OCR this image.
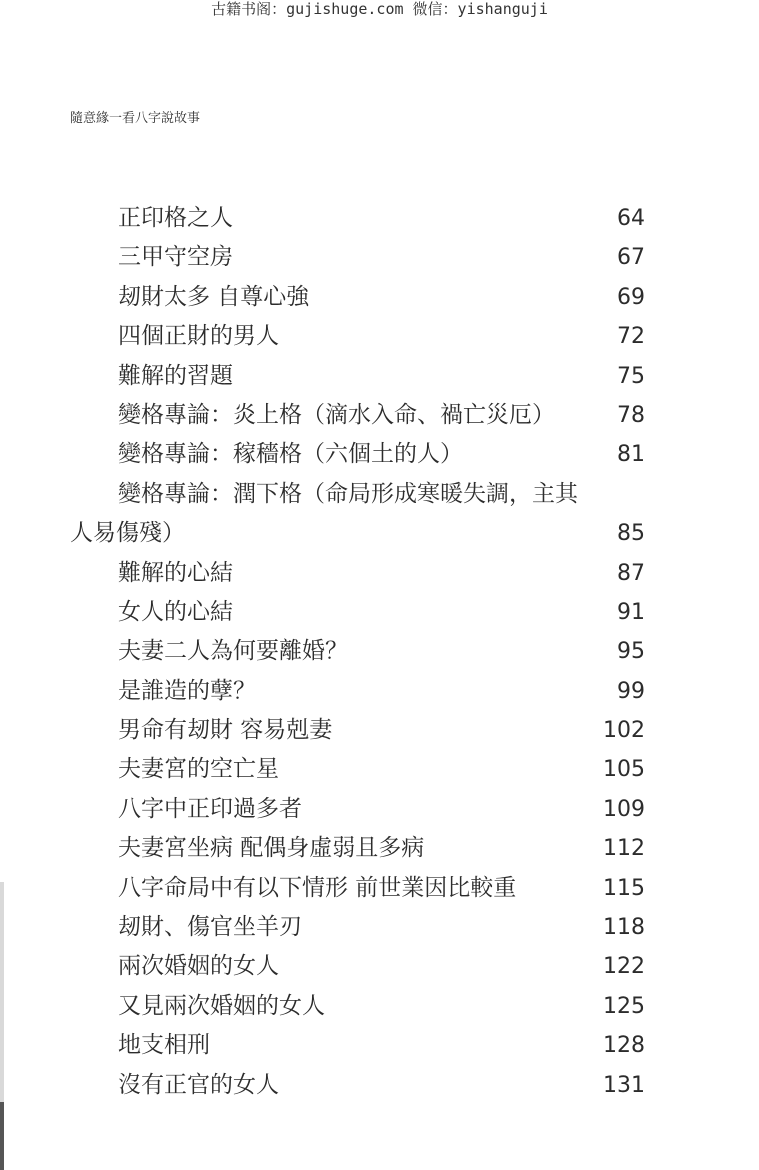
古籍书阁：gujishuge.com 微信：yishanguji
隨意緣一看八字說故事
正印格之人	64
三甲守空房	67
刼財太多 自尊心強	69
四個正財的男人	72
難解的習題	75
變格專論：炎上格（滴水入命、禍亡災厄）	78
變格專論：稼穡格（六個土的人）	81
變格專論：潤下格（命局形成寒暖失調，主其
人易傷殘）	85
難解的心結	87
女人的心結	91
夫妻二人為何要離婚？	95
是誰造的孽？	99
男命有刼財 容易剋妻	102
夫妻宮的空亡星	105
八字中正印過多者	109
夫妻宮坐病 配偶身虛弱且多病	112
八字命局中有以下情形 前世業因比較重	115
刼財、傷官坐羊刃	118
兩次婚姻的女人	122
又見兩次婚姻的女人	125
地支相刑	128
沒有正官的女人	131
